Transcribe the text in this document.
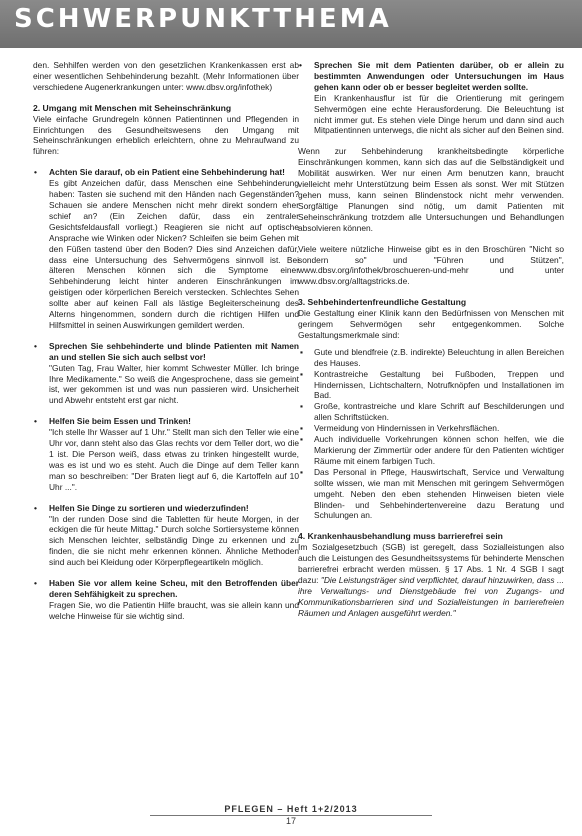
SCHWERPUNKTTHEMA

den. Sehhilfen werden von den gesetzlichen Krankenkassen erst ab einer wesentlichen Sehbehinderung bezahlt. (Mehr Informationen über verschiedene Augenerkrankungen unter: www.dbsv.org/infothek)

2. Umgang mit Menschen mit Seheinschränkung

Viele einfache Grundregeln können Patientinnen und Pflegenden in Einrichtungen des Gesundheitswesens den Umgang mit Seheinschränkungen erheblich erleichtern, ohne zu Mehraufwand zu führen:

• Achten Sie darauf, ob ein Patient eine Sehbehinderung hat!

Es gibt Anzeichen dafür, dass Menschen eine Sehbehinderung haben: Tasten sie suchend mit den Händen nach Gegenständen? Schauen sie andere Menschen nicht mehr direkt sondern eher schief an? (Ein Zeichen dafür, dass ein zentraler Gesichtsfeldausfall vorliegt.) Reagieren sie nicht auf optische Ansprache wie Winken oder Nicken? Schleifen sie beim Gehen mit den Füßen tastend über den Boden? Dies sind Anzeichen dafür, dass eine Untersuchung des Sehvermögens sinnvoll ist. Bei älteren Menschen können sich die Symptome einer Sehbehinderung leicht hinter anderen Einschränkungen im geistigen oder körperlichen Bereich verstecken. Schlechtes Sehen sollte aber auf keinen Fall als lästige Begleiterscheinung des Alterns hingenommen, sondern durch die richtigen Hilfen und Hilfsmittel in seinen Auswirkungen gemildert werden.

• Sprechen Sie sehbehinderte und blinde Patienten mit Namen an und stellen Sie sich auch selbst vor!

"Guten Tag, Frau Walter, hier kommt Schwester Müller. Ich bringe Ihre Medikamente." So weiß die Angesprochene, dass sie gemeint ist, wer gekommen ist und was nun passieren wird. Unsicherheit und Abwehr entsteht erst gar nicht.

• Helfen Sie beim Essen und Trinken!

"Ich stelle Ihr Wasser auf 1 Uhr." Stellt man sich den Teller wie eine Uhr vor, dann steht also das Glas rechts vor dem Teller dort, wo die 1 ist. Die Person weiß, dass etwas zu trinken hingestellt wurde, was es ist und wo es steht. Auch die Dinge auf dem Teller kann man so beschreiben: "Der Braten liegt auf 6, die Kartoffeln auf 10 Uhr ...".

• Helfen Sie Dinge zu sortieren und wiederzufinden!

"In der runden Dose sind die Tabletten für heute Morgen, in der eckigen die für heute Mittag." Durch solche Sortiersysteme können sich Menschen leichter, selbständig Dinge zu erkennen und zu finden, die sie nicht mehr erkennen können. Ähnliche Methoden sind auch bei Kleidung oder Körperpflegeartikeln möglich.

• Haben Sie vor allem keine Scheu, mit den Betroffenden über deren Sehfähigkeit zu sprechen.

Fragen Sie, wo die Patientin Hilfe braucht, was sie allein kann und welche Hinweise für sie wichtig sind.

• Sprechen Sie mit dem Patienten darüber, ob er allein zu bestimmten Anwendungen oder Untersuchungen im Haus gehen kann oder ob er besser begleitet werden sollte.

Ein Krankenhausflur ist für die Orientierung mit geringem Sehvermögen eine echte Herausforderung. Die Beleuchtung ist nicht immer gut. Es stehen viele Dinge herum und dann sind auch Mitpatientinnen unterwegs, die nicht als sicher auf den Beinen sind.

Wenn zur Sehbehinderung krankheitsbedingte körperliche Einschränkungen kommen, kann sich das auf die Selbständigkeit und Mobilität auswirken. Wer nur einen Arm benutzen kann, braucht vielleicht mehr Unterstützung beim Essen als sonst. Wer mit Stützen gehen muss, kann seinen Blindenstock nicht mehr verwenden. Sorgfältige Planungen sind nötig, um damit Patienten mit Seheinschränkung trotzdem alle Untersuchungen und Behandlungen absolvieren können.

Viele weitere nützliche Hinweise gibt es in den Broschüren "Nicht so sondern so" und "Führen und Stützen", www.dbsv.org/infothek/broschueren-und-mehr und unter www.dbsv.org/alltagstricks.de.

3. Sehbehindertenfreundliche Gestaltung

Die Gestaltung einer Klinik kann den Bedürfnissen von Menschen mit geringem Sehvermögen sehr entgegenkommen. Solche Gestaltungsmerkmale sind:

▪ Gute und blendfreie (z.B. indirekte) Beleuchtung in allen Bereichen des Hauses.
▪ Kontrastreiche Gestaltung bei Fußboden, Treppen und Hindernissen, Lichtschaltern, Notrufknöpfen und Installationen im Bad.
▪ Große, kontrastreiche und klare Schrift auf Beschilderungen und allen Schriftstücken.
▪ Vermeidung von Hindernissen in Verkehrsflächen.
▪ Auch individuelle Vorkehrungen können schon helfen, wie die Markierung der Zimmertür oder andere für den Patienten wichtiger Räume mit einem farbigen Tuch.
▪ Das Personal in Pflege, Hauswirtschaft, Service und Verwaltung sollte wissen, wie man mit Menschen mit geringem Sehvermögen umgeht. Neben den eben stehenden Hinweisen bieten viele Blinden- und Sehbehindertenvereine dazu Beratung und Schulungen an.
4. Krankenhausbehandlung muss barrierefrei sein

Im Sozialgesetzbuch (SGB) ist geregelt, dass Sozialleistungen also auch die Leistungen des Gesundheitssystems für behinderte Menschen barrierefrei erbracht werden müssen. § 17 Abs. 1 Nr. 4 SGB I sagt dazu: "Die Leistungsträger sind verpflichtet, darauf hinzuwirken, dass ... ihre Verwaltungs- und Dienstgebäude frei von Zugangs- und Kommunikationsbarrieren sind und Sozialleistungen in barrierefreien Räumen und Anlagen ausgeführt werden."

PFLEGEN – Heft 1+2/2013
17
